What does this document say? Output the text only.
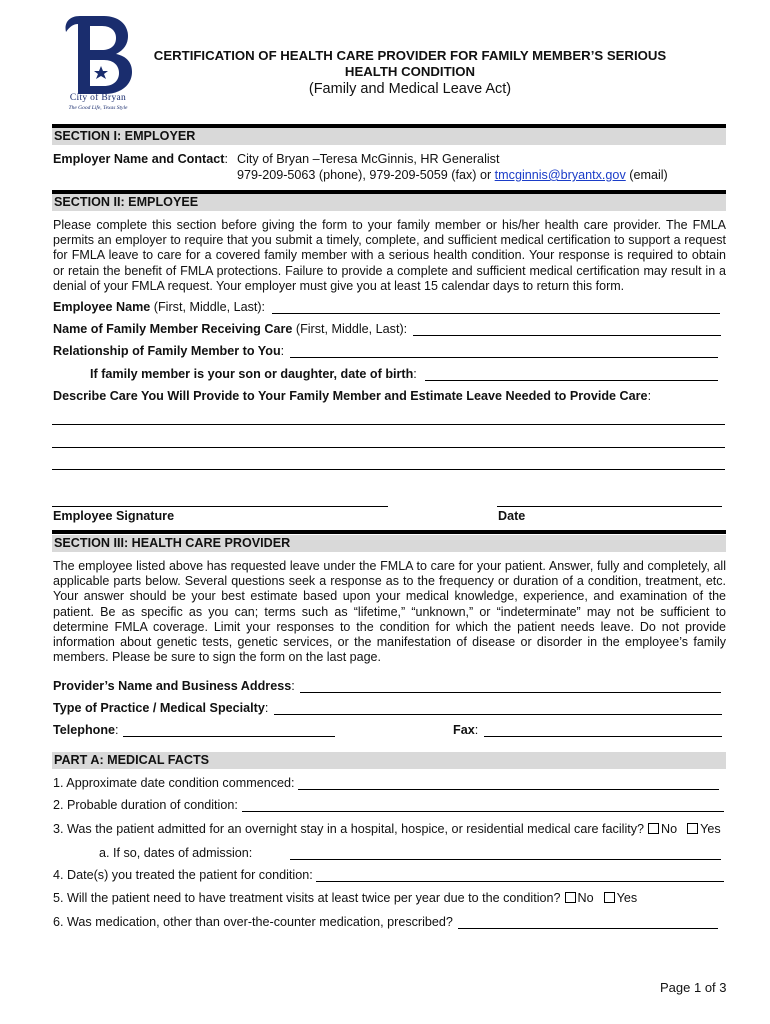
City of Bryan
The Good Life, Texas Style
CERTIFICATION OF HEALTH CARE PROVIDER FOR FAMILY MEMBER’S SERIOUS
HEALTH CONDITION
(Family and Medical Leave Act)
SECTION I: EMPLOYER
Employer Name and Contact: City of Bryan –Teresa McGinnis, HR Generalist
979-209-5063 (phone), 979-209-5059 (fax) or tmcginnis@bryantx.gov (email)
SECTION II: EMPLOYEE
Please complete this section before giving the form to your family member or his/her health care provider. The FMLA permits an employer to require that you submit a timely, complete, and sufficient medical certification to support a request for FMLA leave to care for a covered family member with a serious health condition. Your response is required to obtain or retain the benefit of FMLA protections. Failure to provide a complete and sufficient medical certification may result in a denial of your FMLA request. Your employer must give you at least 15 calendar days to return this form.
Employee Name (First, Middle, Last):
Name of Family Member Receiving Care (First, Middle, Last):
Relationship of Family Member to You:
If family member is your son or daughter, date of birth:
Describe Care You Will Provide to Your Family Member and Estimate Leave Needed to Provide Care:
Employee Signature	Date
SECTION III: HEALTH CARE PROVIDER
The employee listed above has requested leave under the FMLA to care for your patient. Answer, fully and completely, all applicable parts below. Several questions seek a response as to the frequency or duration of a condition, treatment, etc. Your answer should be your best estimate based upon your medical knowledge, experience, and examination of the patient. Be as specific as you can; terms such as “lifetime,” “unknown,” or “indeterminate” may not be sufficient to determine FMLA coverage. Limit your responses to the condition for which the patient needs leave. Do not provide information about genetic tests, genetic services, or the manifestation of disease or disorder in the employee’s family members. Please be sure to sign the form on the last page.
Provider’s Name and Business Address:
Type of Practice / Medical Specialty:
Telephone:	Fax:
PART A: MEDICAL FACTS
1. Approximate date condition commenced:
2. Probable duration of condition:
3. Was the patient admitted for an overnight stay in a hospital, hospice, or residential medical care facility? No Yes
a. If so, dates of admission:
4. Date(s) you treated the patient for condition:
5. Will the patient need to have treatment visits at least twice per year due to the condition? No Yes
6. Was medication, other than over-the-counter medication, prescribed?
Page 1 of 3
